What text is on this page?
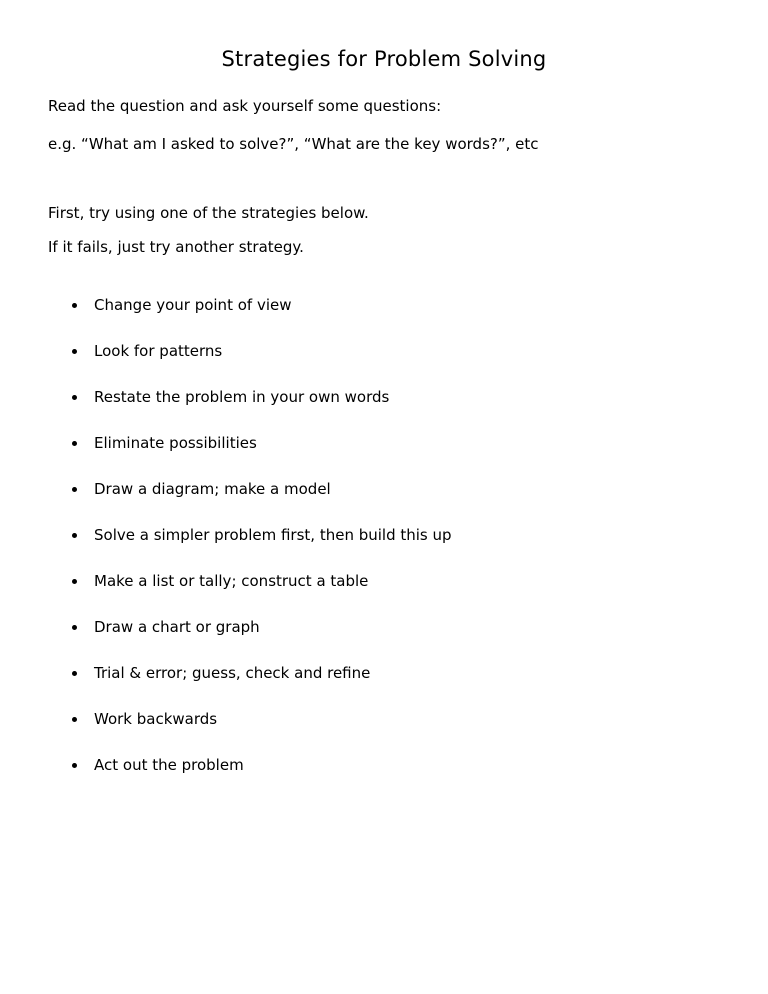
Strategies for Problem Solving
Read the question and ask yourself some questions:
e.g. “What am I asked to solve?”, “What are the key words?”, etc
First, try using one of the strategies below.
If it fails, just try another strategy.
Change your point of view
Look for patterns
Restate the problem in your own words
Eliminate possibilities
Draw a diagram; make a model
Solve a simpler problem first, then build this up
Make a list or tally; construct a table
Draw a chart or graph
Trial & error; guess, check and refine
Work backwards
Act out the problem
